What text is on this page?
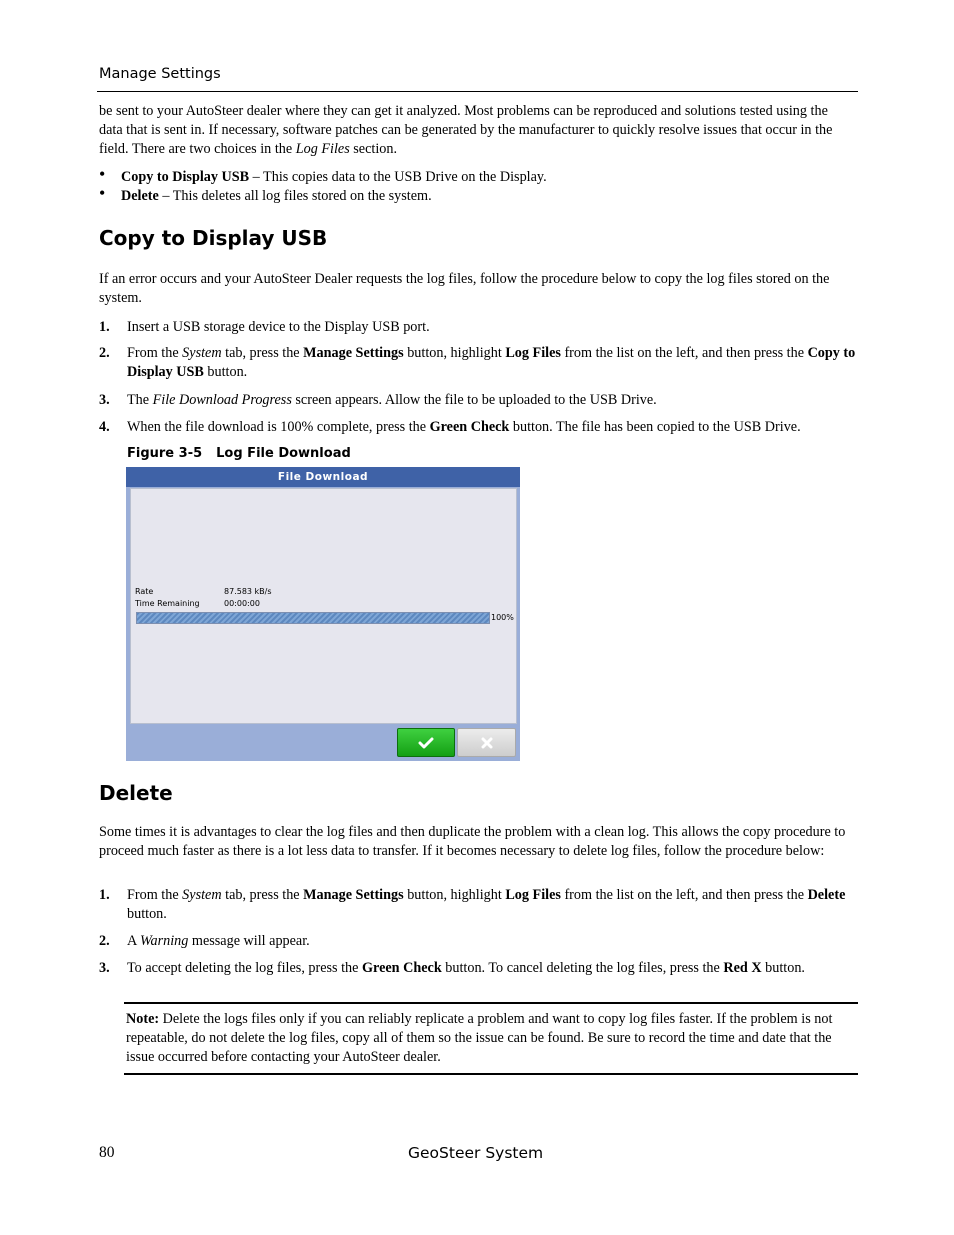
Manage Settings
be sent to your AutoSteer dealer where they can get it analyzed. Most problems can be reproduced and solutions tested using the data that is sent in. If necessary, software patches can be generated by the manufacturer to quickly resolve issues that occur in the field. There are two choices in the Log Files section.
• Copy to Display USB – This copies data to the USB Drive on the Display.
• Delete – This deletes all log files stored on the system.
Copy to Display USB
If an error occurs and your AutoSteer Dealer requests the log files, follow the procedure below to copy the log files stored on the system.
1. Insert a USB storage device to the Display USB port.
2. From the System tab, press the Manage Settings button, highlight Log Files from the list on the left, and then press the Copy to Display USB button.
3. The File Download Progress screen appears. Allow the file to be uploaded to the USB Drive.
4. When the file download is 100% complete, press the Green Check button. The file has been copied to the USB Drive.
Figure 3-5 Log File Download
File Download
Rate	87.583 kB/s
Time Remaining	00:00:00
100%
Delete
Some times it is advantages to clear the log files and then duplicate the problem with a clean log. This allows the copy procedure to proceed much faster as there is a lot less data to transfer. If it becomes necessary to delete log files, follow the procedure below:
1. From the System tab, press the Manage Settings button, highlight Log Files from the list on the left, and then press the Delete button.
2. A Warning message will appear.
3. To accept deleting the log files, press the Green Check button. To cancel deleting the log files, press the Red X button.
Note: Delete the logs files only if you can reliably replicate a problem and want to copy log files faster. If the problem is not repeatable, do not delete the log files, copy all of them so the issue can be found. Be sure to record the time and date that the issue occurred before contacting your AutoSteer dealer.
80	GeoSteer System
